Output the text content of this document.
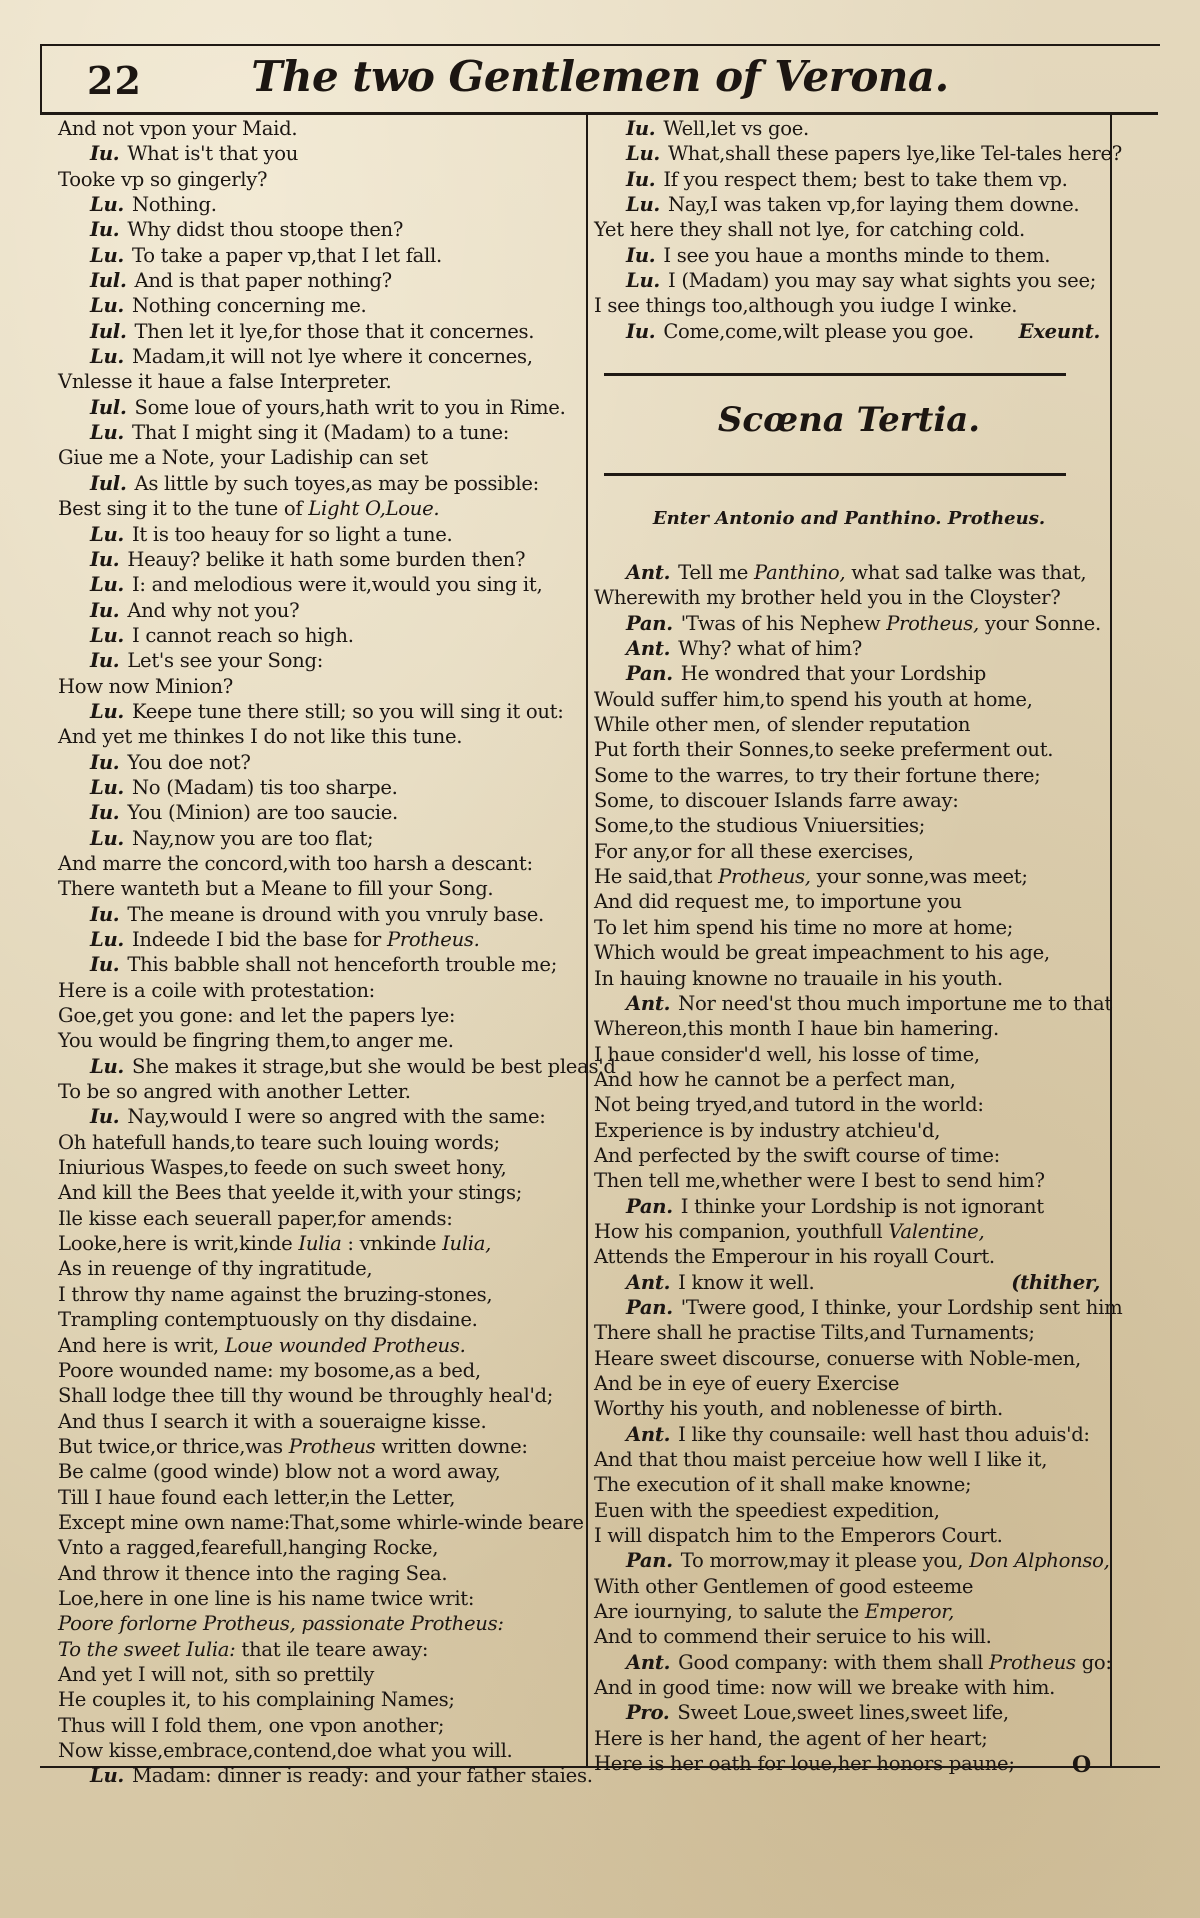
22	The two Gentlemen of Verona.
And not vpon your Maid.
Iu. What is't that you
Tooke vp so gingerly?
Lu. Nothing.
Iu. Why didst thou stoope then?
Lu. To take a paper vp,that I let fall.
Iul. And is that paper nothing?
Lu. Nothing concerning me.
Iul. Then let it lye,for those that it concernes.
Lu. Madam,it will not lye where it concernes,
Vnlesse it haue a false Interpreter.
Iul. Some loue of yours,hath writ to you in Rime.
Lu. That I might sing it (Madam) to a tune:
Giue me a Note, your Ladiship can set
Iul. As little by such toyes,as may be possible:
Best sing it to the tune of Light O,Loue.
Lu. It is too heauy for so light a tune.
Iu. Heauy? belike it hath some burden then?
Lu. I: and melodious were it,would you sing it,
Iu. And why not you?
Lu. I cannot reach so high.
Iu. Let's see your Song:
How now Minion?
Lu. Keepe tune there still; so you will sing it out:
And yet me thinkes I do not like this tune.
Iu. You doe not?
Lu. No (Madam) tis too sharpe.
Iu. You (Minion) are too saucie.
Lu. Nay,now you are too flat;
And marre the concord,with too harsh a descant:
There wanteth but a Meane to fill your Song.
Iu. The meane is dround with you vnruly base.
Lu. Indeede I bid the base for Protheus.
Iu. This babble shall not henceforth trouble me;
Here is a coile with protestation:
Goe,get you gone: and let the papers lye:
You would be fingring them,to anger me.
Lu. She makes it strage,but she would be best pleas'd
To be so angred with another Letter.
Iu. Nay,would I were so angred with the same:
Oh hatefull hands,to teare such louing words;
Iniurious Waspes,to feede on such sweet hony,
And kill the Bees that yeelde it,with your stings;
Ile kisse each seuerall paper,for amends:
Looke,here is writ,kinde Iulia : vnkinde Iulia,
As in reuenge of thy ingratitude,
I throw thy name against the bruzing-stones,
Trampling contemptuously on thy disdaine.
And here is writ, Loue wounded Protheus.
Poore wounded name: my bosome,as a bed,
Shall lodge thee till thy wound be throughly heal'd;
And thus I search it with a soueraigne kisse.
But twice,or thrice,was Protheus written downe:
Be calme (good winde) blow not a word away,
Till I haue found each letter,in the Letter,
Except mine own name:That,some whirle-winde beare
Vnto a ragged,fearefull,hanging Rocke,
And throw it thence into the raging Sea.
Loe,here in one line is his name twice writ:
Poore forlorne Protheus, passionate Protheus:
To the sweet Iulia: that ile teare away:
And yet I will not, sith so prettily
He couples it, to his complaining Names;
Thus will I fold them, one vpon another;
Now kisse,embrace,contend,doe what you will.
Lu. Madam: dinner is ready: and your father staies.
Iu. Well,let vs goe.
Lu. What,shall these papers lye,like Tel-tales here?
Iu. If you respect them; best to take them vp.
Lu. Nay,I was taken vp,for laying them downe.
Yet here they shall not lye, for catching cold.
Iu. I see you haue a months minde to them.
Lu. I (Madam) you may say what sights you see;
I see things too,although you iudge I winke.
Exeunt.
Iu. Come,come,wilt please you goe.
Scœna Tertia.
Enter Antonio and Panthino. Protheus.
Ant. Tell me Panthino, what sad talke was that,
Wherewith my brother held you in the Cloyster?
Pan. 'Twas of his Nephew Protheus, your Sonne.
Ant. Why? what of him?
Pan. He wondred that your Lordship
Would suffer him,to spend his youth at home,
While other men, of slender reputation
Put forth their Sonnes,to seeke preferment out.
Some to the warres, to try their fortune there;
Some, to discouer Islands farre away:
Some,to the studious Vniuersities;
For any,or for all these exercises,
He said,that Protheus, your sonne,was meet;
And did request me, to importune you
To let him spend his time no more at home;
Which would be great impeachment to his age,
In hauing knowne no trauaile in his youth.
Ant. Nor need'st thou much importune me to that
Whereon,this month I haue bin hamering.
I haue consider'd well, his losse of time,
And how he cannot be a perfect man,
Not being tryed,and tutord in the world:
Experience is by industry atchieu'd,
And perfected by the swift course of time:
Then tell me,whether were I best to send him?
Pan. I thinke your Lordship is not ignorant
How his companion, youthfull Valentine,
Attends the Emperour in his royall Court.
(thither,
Ant. I know it well.
Pan. 'Twere good, I thinke, your Lordship sent him
There shall he practise Tilts,and Turnaments;
Heare sweet discourse, conuerse with Noble-men,
And be in eye of euery Exercise
Worthy his youth, and noblenesse of birth.
Ant. I like thy counsaile: well hast thou aduis'd:
And that thou maist perceiue how well I like it,
The execution of it shall make knowne;
Euen with the speediest expedition,
I will dispatch him to the Emperors Court.
Pan. To morrow,may it please you, Don Alphonso,
With other Gentlemen of good esteeme
Are iournying, to salute the Emperor,
And to commend their seruice to his will.
Ant. Good company: with them shall Protheus go:
And in good time: now will we breake with him.
Pro. Sweet Loue,sweet lines,sweet life,
Here is her hand, the agent of her heart;
Here is her oath for loue,her honors paune;	O
